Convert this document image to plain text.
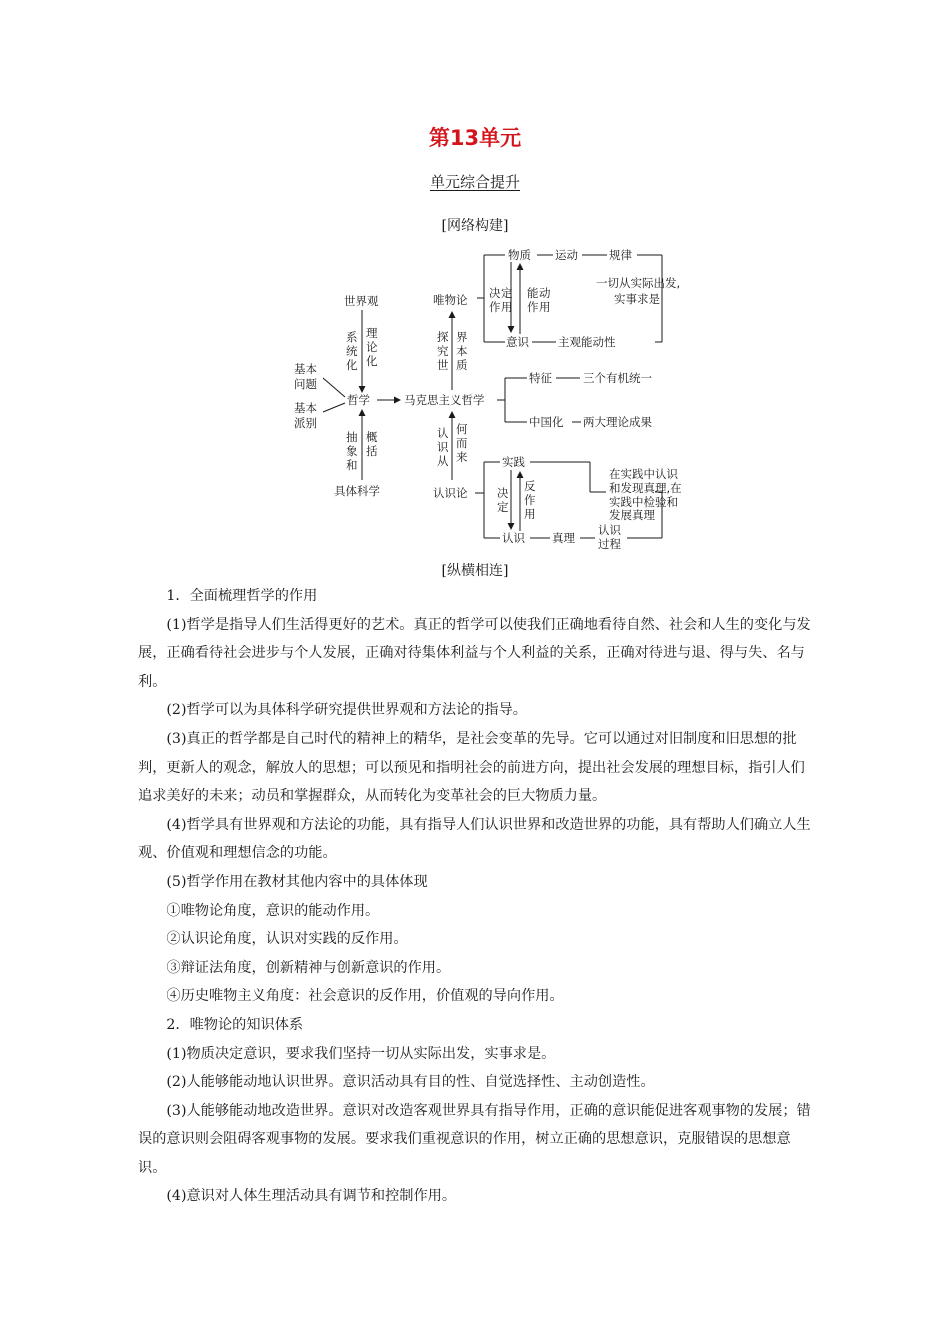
第13单元
单元综合提升
[网络构建]
世界观
基本
问题
基本
派别
哲学
具体科学
马克思主义哲学
唯物论
认识论
物质 运动	规律
意识	主观能动性
一切从实际出发,
实事求是
特征	三个有机统一
中国化 两大理论成果
实践
认识 真理
认识
过程
在实践中认识
和发现真理,在
实践中检验和
发展真理
系
统
化
理
论
化
抽
象
和
概
括
探
究
世
界
本
质
认
识
从
何
而
来
决 定
作 用
能 动
作 用
决
定
反
作
用
[纵横相连]

1．全面梳理哲学的作用

(1)哲学是指导人们生活得更好的艺术。真正的哲学可以使我们正确地看待自然、社会和人生的变化与发展，正确看待社会进步与个人发展，正确对待集体利益与个人利益的关系，正确对待进与退、得与失、名与利。

(2)哲学可以为具体科学研究提供世界观和方法论的指导。

(3)真正的哲学都是自己时代的精神上的精华，是社会变革的先导。它可以通过对旧制度和旧思想的批判，更新人的观念，解放人的思想；可以预见和指明社会的前进方向，提出社会发展的理想目标，指引人们追求美好的未来；动员和掌握群众，从而转化为变革社会的巨大物质力量。

(4)哲学具有世界观和方法论的功能，具有指导人们认识世界和改造世界的功能，具有帮助人们确立人生观、价值观和理想信念的功能。

(5)哲学作用在教材其他内容中的具体体现

①唯物论角度，意识的能动作用。

②认识论角度，认识对实践的反作用。

③辩证法角度，创新精神与创新意识的作用。

④历史唯物主义角度：社会意识的反作用，价值观的导向作用。

2．唯物论的知识体系

(1)物质决定意识，要求我们坚持一切从实际出发，实事求是。

(2)人能够能动地认识世界。意识活动具有目的性、自觉选择性、主动创造性。

(3)人能够能动地改造世界。意识对改造客观世界具有指导作用，正确的意识能促进客观事物的发展；错误的意识则会阻碍客观事物的发展。要求我们重视意识的作用，树立正确的思想意识，克服错误的思想意识。

(4)意识对人体生理活动具有调节和控制作用。
